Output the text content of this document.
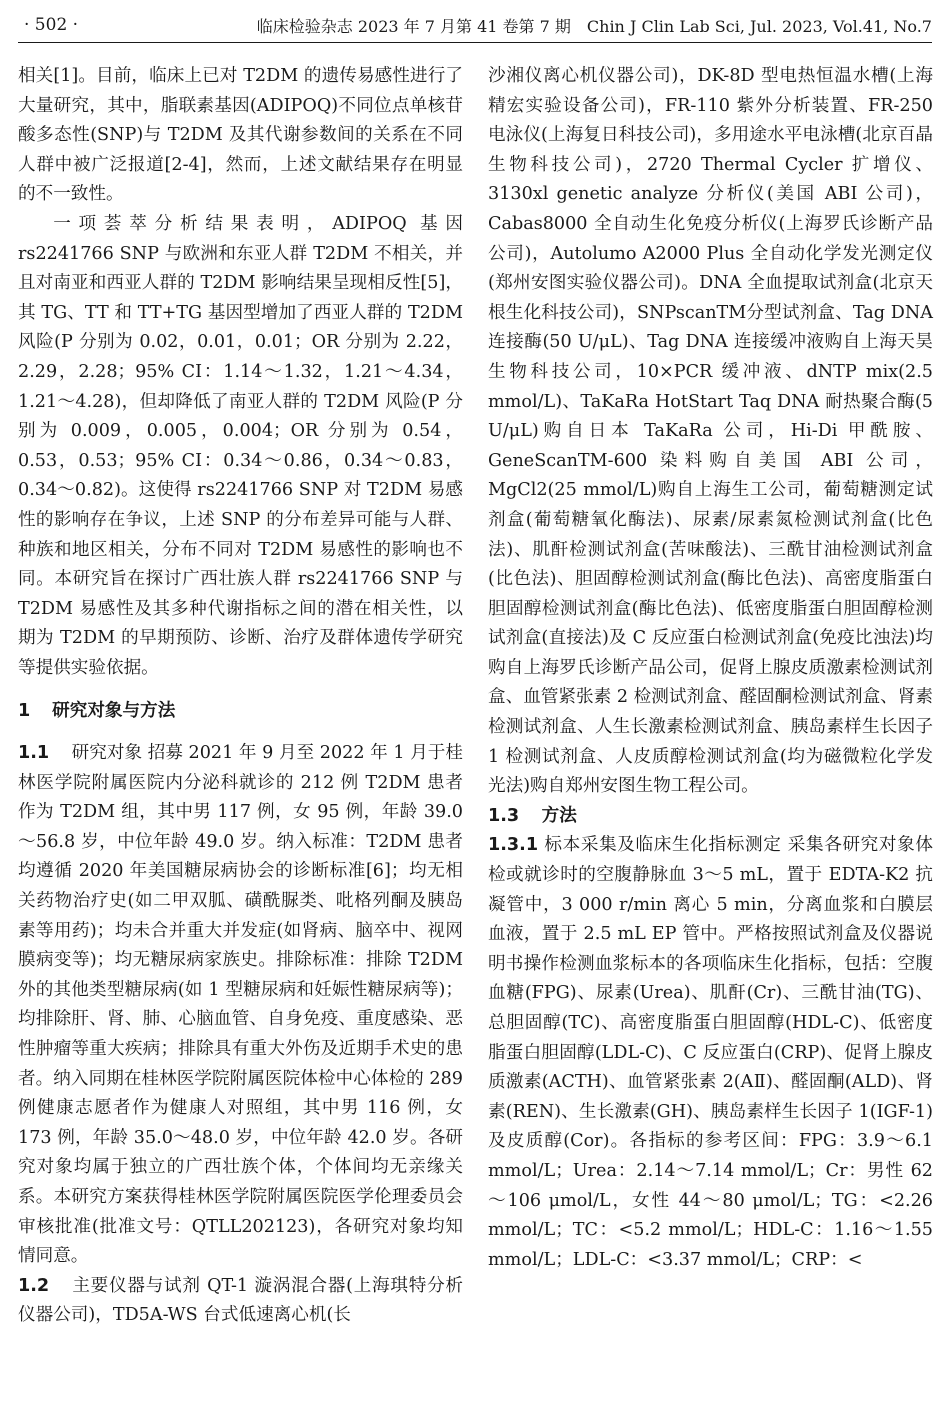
· 502 ·	临床检验杂志 2023 年 7 月第 41 卷第 7 期　Chin J Clin Lab Sci, Jul. 2023, Vol.41, No.7

相关[1]。目前，临床上已对 T2DM 的遗传易感性进行了大量研究，其中，脂联素基因(ADIPOQ)不同位点单核苷酸多态性(SNP)与 T2DM 及其代谢参数间的关系在不同人群中被广泛报道[2-4]，然而，上述文献结果存在明显的不一致性。

一项荟萃分析结果表明，ADIPOQ 基因 rs2241766 SNP 与欧洲和东亚人群 T2DM 不相关，并且对南亚和西亚人群的 T2DM 影响结果呈现相反性[5]，其 TG、TT 和 TT+TG 基因型增加了西亚人群的 T2DM 风险(P 分别为 0.02，0.01，0.01；OR 分别为 2.22，2.29，2.28；95% CI：1.14～1.32，1.21～4.34，1.21～4.28)，但却降低了南亚人群的 T2DM 风险(P 分别为 0.009，0.005，0.004；OR 分别为 0.54，0.53，0.53；95% CI：0.34～0.86，0.34～0.83，0.34～0.82)。这使得 rs2241766 SNP 对 T2DM 易感性的影响存在争议，上述 SNP 的分布差异可能与人群、种族和地区相关，分布不同对 T2DM 易感性的影响也不同。本研究旨在探讨广西壮族人群 rs2241766 SNP 与 T2DM 易感性及其多种代谢指标之间的潜在相关性，以期为 T2DM 的早期预防、诊断、治疗及群体遗传学研究等提供实验依据。

1 研究对象与方法

1.1 研究对象 招募 2021 年 9 月至 2022 年 1 月于桂林医学院附属医院内分泌科就诊的 212 例 T2DM 患者作为 T2DM 组，其中男 117 例，女 95 例，年龄 39.0～56.8 岁，中位年龄 49.0 岁。纳入标准：T2DM 患者均遵循 2020 年美国糖尿病协会的诊断标准[6]；均无相关药物治疗史(如二甲双胍、磺酰脲类、吡格列酮及胰岛素等用药)；均未合并重大并发症(如肾病、脑卒中、视网膜病变等)；均无糖尿病家族史。排除标准：排除 T2DM 外的其他类型糖尿病(如 1 型糖尿病和妊娠性糖尿病等)；均排除肝、肾、肺、心脑血管、自身免疫、重度感染、恶性肿瘤等重大疾病；排除具有重大外伤及近期手术史的患者。纳入同期在桂林医学院附属医院体检中心体检的 289 例健康志愿者作为健康人对照组，其中男 116 例，女 173 例，年龄 35.0～48.0 岁，中位年龄 42.0 岁。各研究对象均属于独立的广西壮族个体，个体间均无亲缘关系。本研究方案获得桂林医学院附属医院医学伦理委员会审核批准(批准文号：QTLL202123)，各研究对象均知情同意。

1.2 主要仪器与试剂 QT-1 漩涡混合器(上海琪特分析仪器公司)，TD5A-WS 台式低速离心机(长

沙湘仪离心机仪器公司)，DK-8D 型电热恒温水槽(上海精宏实验设备公司)，FR-110 紫外分析装置、FR-250 电泳仪(上海复日科技公司)，多用途水平电泳槽(北京百晶生物科技公司)，2720 Thermal Cycler 扩增仪、3130xl genetic analyze 分析仪(美国 ABI 公司)，Cabas8000 全自动生化免疫分析仪(上海罗氏诊断产品公司)，Autolumo A2000 Plus 全自动化学发光测定仪(郑州安图实验仪器公司)。DNA 全血提取试剂盒(北京天根生化科技公司)，SNPscanTM分型试剂盒、Tag DNA 连接酶(50 U/μL)、Tag DNA 连接缓冲液购自上海天昊生物科技公司，10×PCR 缓冲液、dNTP mix(2.5 mmol/L)、TaKaRa HotStart Taq DNA 耐热聚合酶(5 U/μL)购自日本 TaKaRa 公司，Hi-Di 甲酰胺、GeneScanTM-600 染料购自美国 ABI 公司，MgCl2(25 mmol/L)购自上海生工公司，葡萄糖测定试剂盒(葡萄糖氧化酶法)、尿素/尿素氮检测试剂盒(比色法)、肌酐检测试剂盒(苦味酸法)、三酰甘油检测试剂盒(比色法)、胆固醇检测试剂盒(酶比色法)、高密度脂蛋白胆固醇检测试剂盒(酶比色法)、低密度脂蛋白胆固醇检测试剂盒(直接法)及 C 反应蛋白检测试剂盒(免疫比浊法)均购自上海罗氏诊断产品公司，促肾上腺皮质激素检测试剂盒、血管紧张素 2 检测试剂盒、醛固酮检测试剂盒、肾素检测试剂盒、人生长激素检测试剂盒、胰岛素样生长因子 1 检测试剂盒、人皮质醇检测试剂盒(均为磁微粒化学发光法)购自郑州安图生物工程公司。

1.3 方法

1.3.1 标本采集及临床生化指标测定 采集各研究对象体检或就诊时的空腹静脉血 3～5 mL，置于 EDTA-K2 抗凝管中，3 000 r/min 离心 5 min，分离血浆和白膜层血液，置于 2.5 mL EP 管中。严格按照试剂盒及仪器说明书操作检测血浆标本的各项临床生化指标，包括：空腹血糖(FPG)、尿素(Urea)、肌酐(Cr)、三酰甘油(TG)、总胆固醇(TC)、高密度脂蛋白胆固醇(HDL-C)、低密度脂蛋白胆固醇(LDL-C)、C 反应蛋白(CRP)、促肾上腺皮质激素(ACTH)、血管紧张素 2(AⅡ)、醛固酮(ALD)、肾素(REN)、生长激素(GH)、胰岛素样生长因子 1(IGF-1)及皮质醇(Cor)。各指标的参考区间：FPG：3.9～6.1 mmol/L；Urea：2.14～7.14 mmol/L；Cr：男性 62～106 μmol/L，女性 44～80 μmol/L；TG：<2.26 mmol/L；TC：<5.2 mmol/L；HDL-C：1.16～1.55 mmol/L；LDL-C：<3.37 mmol/L；CRP：<
